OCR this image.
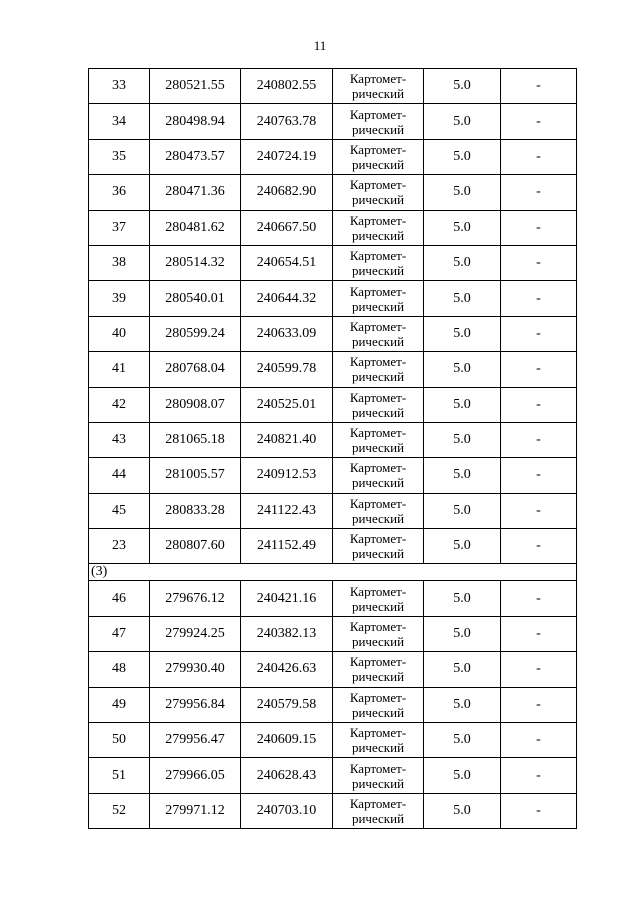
11
33	280521.55	240802.55	Картомет-
рический	5.0	-
34	280498.94	240763.78	Картомет-
рический	5.0	-
35	280473.57	240724.19	Картомет-
рический	5.0	-
36	280471.36	240682.90	Картомет-
рический	5.0	-
37	280481.62	240667.50	Картомет-
рический	5.0	-
38	280514.32	240654.51	Картомет-
рический	5.0	-
39	280540.01	240644.32	Картомет-
рический	5.0	-
40	280599.24	240633.09	Картомет-
рический	5.0	-
41	280768.04	240599.78	Картомет-
рический	5.0	-
42	280908.07	240525.01	Картомет-
рический	5.0	-
43	281065.18	240821.40	Картомет-
рический	5.0	-
44	281005.57	240912.53	Картомет-
рический	5.0	-
45	280833.28	241122.43	Картомет-
рический	5.0	-
23	280807.60	241152.49	Картомет-
рический	5.0	-
(3)					
46	279676.12	240421.16	Картомет-
рический	5.0	-
47	279924.25	240382.13	Картомет-
рический	5.0	-
48	279930.40	240426.63	Картомет-
рический	5.0	-
49	279956.84	240579.58	Картомет-
рический	5.0	-
50	279956.47	240609.15	Картомет-
рический	5.0	-
51	279966.05	240628.43	Картомет-
рический	5.0	-
52	279971.12	240703.10	Картомет-
рический	5.0	-
